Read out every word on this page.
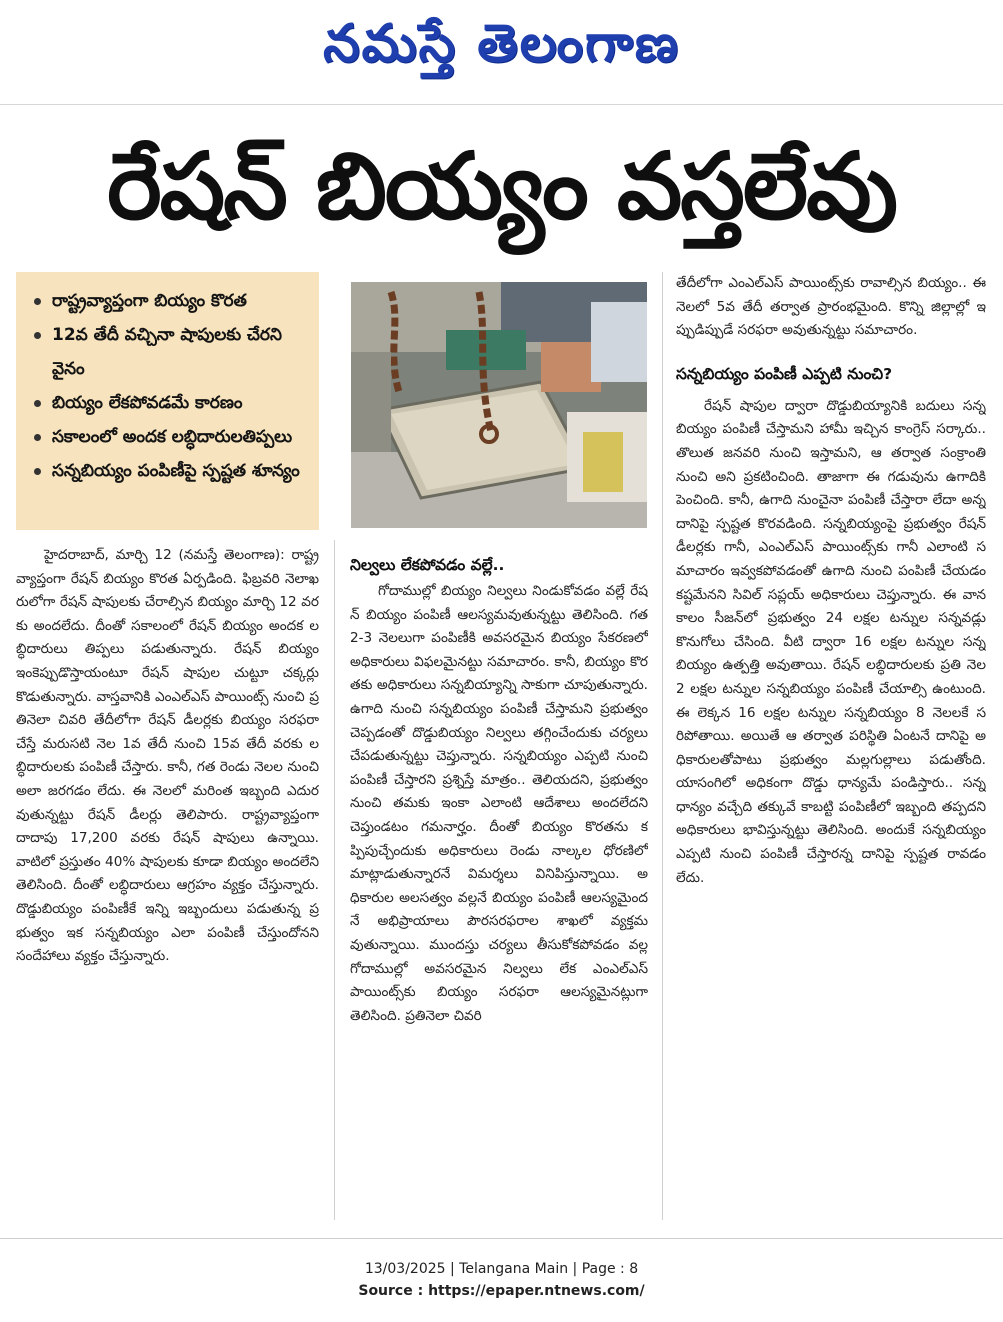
నమస్తే తెలంగాణ
రేషన్ బియ్యం వస్తలేవు
రాష్ట్రవ్యాప్తంగా బియ్యం కొరత
12వ తేదీ వచ్చినా షాపులకు చేరని వైనం
బియ్యం లేకపోవడమే కారణం
సకాలంలో అందక లబ్ధిదారులతిప్పలు
సన్నబియ్యం పంపిణీపై స్పష్టత శూన్యం

హైదరాబాద్, మార్చి 12 (నమస్తే తెలంగాణ): రాష్ట్రవ్యాప్తంగా రేషన్ బియ్యం కొరత ఏర్పడింది. ఫిబ్రవరి నెలాఖరులోగా రేషన్ షాపులకు చేరాల్సిన బియ్యం మార్చి 12 వరకు అందలేదు. దీంతో సకాలంలో రేషన్ బియ్యం అందక లబ్ధిదారులు తిప్పలు పడుతున్నారు. రేషన్ బియ్యం ఇంకెప్పుడొస్తాయంటూ రేషన్ షాపుల చుట్టూ చక్కర్లు కొడుతున్నారు. వాస్తవానికి ఎంఎల్ఎస్ పాయింట్స్ నుంచి ప్రతినెలా చివరి తేదీలోగా రేషన్ డీలర్లకు బియ్యం సరఫరా చేస్తే మరుసటి నెల 1వ తేదీ నుంచి 15వ తేదీ వరకు లబ్ధిదారులకు పంపిణీ చేస్తారు. కానీ, గత రెండు నెలల నుంచి అలా జరగడం లేదు. ఈ నెలలో మరింత ఇబ్బంది ఎదురవుతున్నట్టు రేషన్ డీలర్లు తెలిపారు. రాష్ట్రవ్యాప్తంగా దాదాపు 17,200 వరకు రేషన్ షాపులు ఉన్నాయి. వాటిలో ప్రస్తుతం 40% షాపులకు కూడా బియ్యం అందలేని తెలిసింది. దీంతో లబ్ధిదారులు ఆగ్రహం వ్యక్తం చేస్తున్నారు. దొడ్డుబియ్యం పంపిణీకే ఇన్ని ఇబ్బందులు పడుతున్న ప్రభుత్వం ఇక సన్నబియ్యం ఎలా పంపిణీ చేస్తుందోనని సందేహాలు వ్యక్తం చేస్తున్నారు.

నిల్వలు లేకపోవడం వల్లే..

గోదాముల్లో బియ్యం నిల్వలు నిండుకోవడం వల్లే రేషన్ బియ్యం పంపిణీ ఆలస్యమవుతున్నట్టు తెలిసింది. గత 2-3 నెలలుగా పంపిణీకి అవసరమైన బియ్యం సేకరణలో అధికారులు విఫలమైనట్టు సమాచారం. కానీ, బియ్యం కొరతకు అధికారులు సన్నబియ్యాన్ని సాకుగా చూపుతున్నారు. ఉగాది నుంచి సన్నబియ్యం పంపిణీ చేస్తామని ప్రభుత్వం చెప్పడంతో దొడ్డుబియ్యం నిల్వలు తగ్గించేందుకు చర్యలు చేపడుతున్నట్టు చెప్తున్నారు. సన్నబియ్యం ఎప్పటి నుంచి పంపిణీ చేస్తారని ప్రశ్నిస్తే మాత్రం.. తెలియదని, ప్రభుత్వం నుంచి తమకు ఇంకా ఎలాంటి ఆదేశాలు అందలేదని చెప్తుండటం గమనార్హం. దీంతో బియ్యం కొరతను కప్పిపుచ్చేందుకు అధికారులు రెండు నాల్కల ధోరణిలో మాట్లాడుతున్నారనే విమర్శలు వినిపిస్తున్నాయి. అధికారుల అలసత్వం వల్లనే బియ్యం పంపిణీ ఆలస్యమైందనే అభిప్రాయాలు పౌరసరఫరాల శాఖలో వ్యక్తమవుతున్నాయి. ముందస్తు చర్యలు తీసుకోకపోవడం వల్ల గోదాముల్లో అవసరమైన నిల్వలు లేక ఎంఎల్ఎస్ పాయింట్స్‌కు బియ్యం సరఫరా ఆలస్యమైనట్లుగా తెలిసింది. ప్రతినెలా చివరి

తేదీలోగా ఎంఎల్ఎస్ పాయింట్స్‌కు రావాల్సిన బియ్యం.. ఈ నెలలో 5వ తేదీ తర్వాత ప్రారంభమైంది. కొన్ని జిల్లాల్లో ఇప్పుడిప్పుడే సరఫరా అవుతున్నట్టు సమాచారం.

సన్నబియ్యం పంపిణీ ఎప్పటి నుంచి?

రేషన్ షాపుల ద్వారా దొడ్డుబియ్యానికి బదులు సన్నబియ్యం పంపిణీ చేస్తామని హామీ ఇచ్చిన కాంగ్రెస్ సర్కారు.. తొలుత జనవరి నుంచి ఇస్తామని, ఆ తర్వాత సంక్రాంతి నుంచి అని ప్రకటించింది. తాజాగా ఈ గడువును ఉగాదికి పెంచింది. కానీ, ఉగాది నుంచైనా పంపిణీ చేస్తారా లేదా అన్నదానిపై స్పష్టత కొరవడింది. సన్నబియ్యంపై ప్రభుత్వం రేషన్ డీలర్లకు గానీ, ఎంఎల్ఎస్ పాయింట్స్‌కు గానీ ఎలాంటి సమాచారం ఇవ్వకపోవడంతో ఉగాది నుంచి పంపిణీ చేయడం కష్టమేనని సివిల్ సప్లయ్ అధికారులు చెప్తున్నారు. ఈ వానకాలం సీజన్‌లో ప్రభుత్వం 24 లక్షల టన్నుల సన్నవడ్లు కొనుగోలు చేసింది. వీటి ద్వారా 16 లక్షల టన్నుల సన్నబియ్యం ఉత్పత్తి అవుతాయి. రేషన్ లబ్ధిదారులకు ప్రతి నెల 2 లక్షల టన్నుల సన్నబియ్యం పంపిణీ చేయాల్సి ఉంటుంది. ఈ లెక్కన 16 లక్షల టన్నుల సన్నబియ్యం 8 నెలలకే సరిపోతాయి. అయితే ఆ తర్వాత పరిస్థితి ఏంటనే దానిపై అధికారులతోపాటు ప్రభుత్వం మల్లగుల్లాలు పడుతోంది. యాసంగిలో అధికంగా దొడ్డు ధాన్యమే పండిస్తారు.. సన్నధాన్యం వచ్చేది తక్కువే కాబట్టి పంపిణీలో ఇబ్బంది తప్పదని అధికారులు భావిస్తున్నట్టు తెలిసింది. అందుకే సన్నబియ్యం ఎప్పటి నుంచి పంపిణీ చేస్తారన్న దానిపై స్పష్టత రావడం లేదు.

13/03/2025 | Telangana Main | Page : 8
Source : https://epaper.ntnews.com/
